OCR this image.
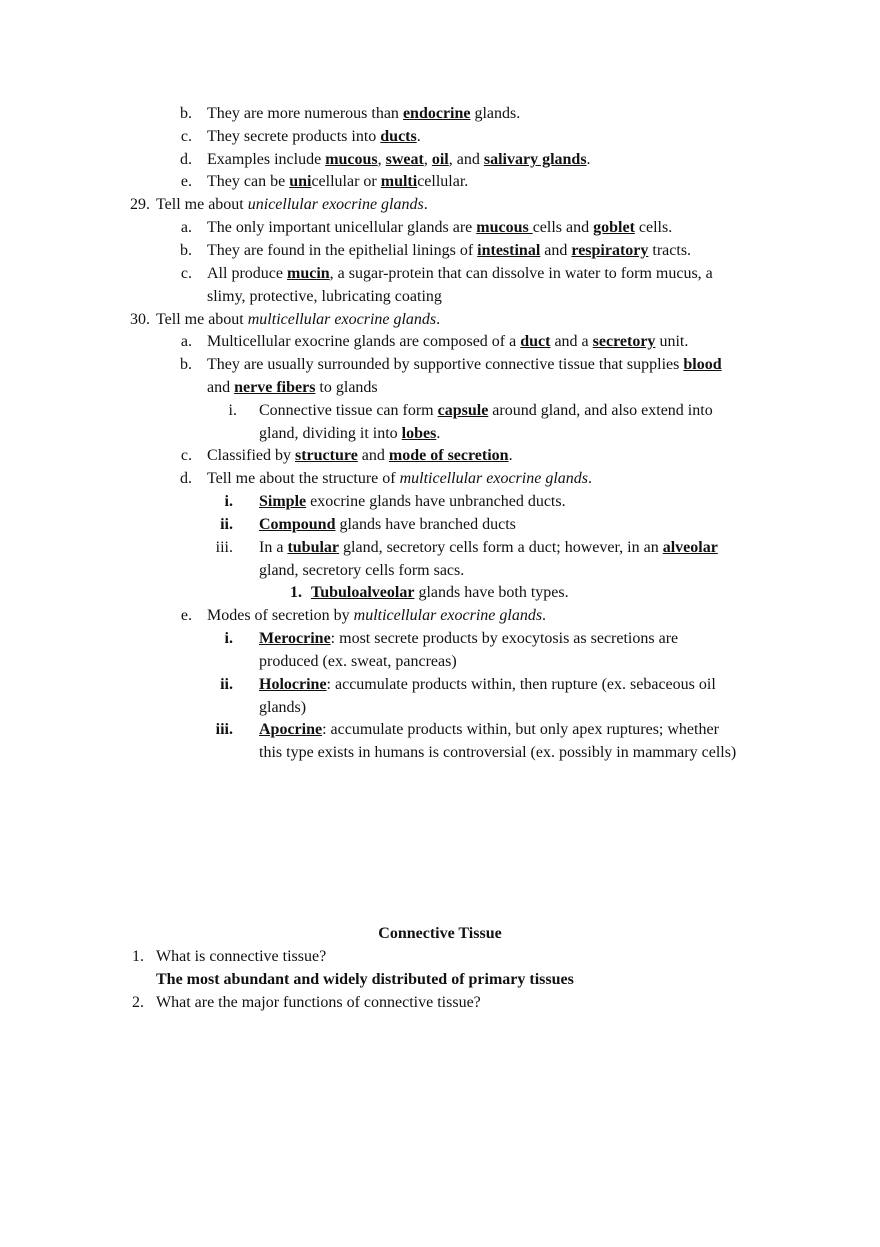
b. They are more numerous than endocrine glands.
c. They secrete products into ducts.
d. Examples include mucous, sweat, oil, and salivary glands.
e. They can be unicellular or multicellular.
29. Tell me about unicellular exocrine glands.
a. The only important unicellular glands are mucous cells and goblet cells.
b. They are found in the epithelial linings of intestinal and respiratory tracts.
c. All produce mucin, a sugar-protein that can dissolve in water to form mucus, a
slimy, protective, lubricating coating
30. Tell me about multicellular exocrine glands.
a. Multicellular exocrine glands are composed of a duct and a secretory unit.
b. They are usually surrounded by supportive connective tissue that supplies blood
and nerve fibers to glands
i. Connective tissue can form capsule around gland, and also extend into
gland, dividing it into lobes.
c. Classified by structure and mode of secretion.
d. Tell me about the structure of multicellular exocrine glands.
i. Simple exocrine glands have unbranched ducts.
ii. Compound glands have branched ducts
iii. In a tubular gland, secretory cells form a duct; however, in an alveolar
gland, secretory cells form sacs.
1. Tubuloalveolar glands have both types.
e. Modes of secretion by multicellular exocrine glands.
i. Merocrine: most secrete products by exocytosis as secretions are
produced (ex. sweat, pancreas)
ii. Holocrine: accumulate products within, then rupture (ex. sebaceous oil
glands)
iii. Apocrine: accumulate products within, but only apex ruptures; whether
this type exists in humans is controversial (ex. possibly in mammary cells)
Connective Tissue
1. What is connective tissue?
The most abundant and widely distributed of primary tissues
2. What are the major functions of connective tissue?
